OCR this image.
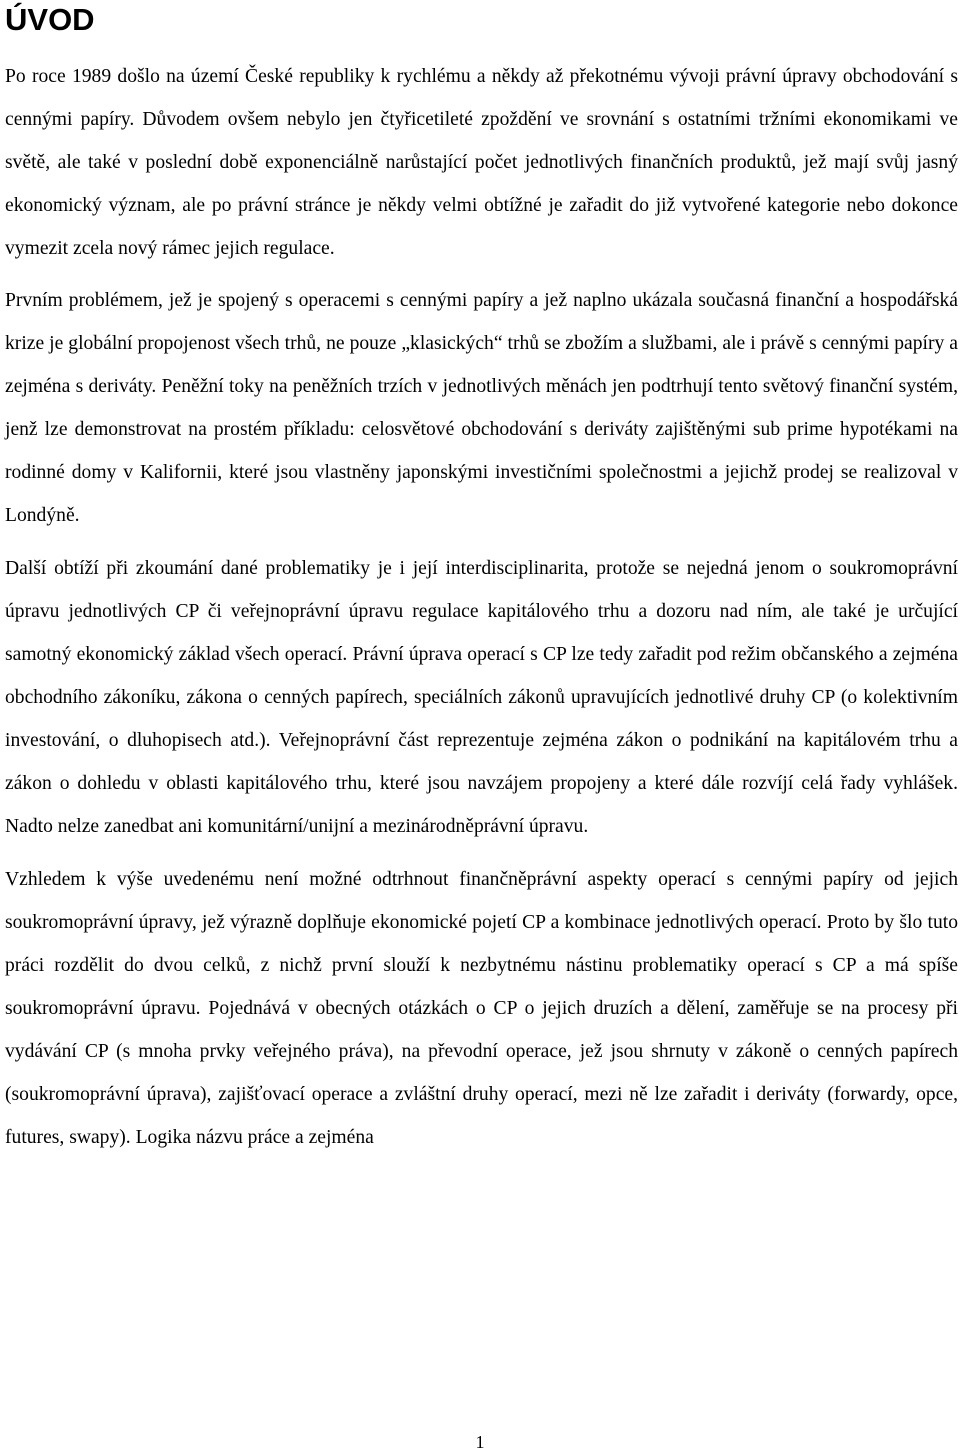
ÚVOD

Po roce 1989 došlo na území České republiky k rychlému a někdy až překotnému vývoji právní úpravy obchodování s cennými papíry. Důvodem ovšem nebylo jen čtyřicetileté zpoždění ve srovnání s ostatními tržními ekonomikami ve světě, ale také v poslední době exponenciálně narůstající počet jednotlivých finančních produktů, jež mají svůj jasný ekonomický význam, ale po právní stránce je někdy velmi obtížné je zařadit do již vytvořené kategorie nebo dokonce vymezit zcela nový rámec jejich regulace.

Prvním problémem, jež je spojený s operacemi s cennými papíry a jež naplno ukázala současná finanční a hospodářská krize je globální propojenost všech trhů, ne pouze „klasických“ trhů se zbožím a službami, ale i právě s cennými papíry a zejména s deriváty. Peněžní toky na peněžních trzích v jednotlivých měnách jen podtrhují tento světový finanční systém, jenž lze demonstrovat na prostém příkladu: celosvětové obchodování s deriváty zajištěnými sub prime hypotékami na rodinné domy v Kalifornii, které jsou vlastněny japonskými investičními společnostmi a jejichž prodej se realizoval v Londýně.

Další obtíží při zkoumání dané problematiky je i její interdisciplinarita, protože se nejedná jenom o soukromoprávní úpravu jednotlivých CP či veřejnoprávní úpravu regulace kapitálového trhu a dozoru nad ním, ale také je určující samotný ekonomický základ všech operací. Právní úprava operací s CP lze tedy zařadit pod režim občanského a zejména obchodního zákoníku, zákona o cenných papírech, speciálních zákonů upravujících jednotlivé druhy CP (o kolektivním investování, o dluhopisech atd.). Veřejnoprávní část reprezentuje zejména zákon o podnikání na kapitálovém trhu a zákon o dohledu v oblasti kapitálového trhu, které jsou navzájem propojeny a které dále rozvíjí celá řady vyhlášek. Nadto nelze zanedbat ani komunitární/unijní a mezinárodněprávní úpravu.

Vzhledem k výše uvedenému není možné odtrhnout finančněprávní aspekty operací s cennými papíry od jejich soukromoprávní úpravy, jež výrazně doplňuje ekonomické pojetí CP a kombinace jednotlivých operací. Proto by šlo tuto práci rozdělit do dvou celků, z nichž první slouží k nezbytnému nástinu problematiky operací s CP a má spíše soukromoprávní úpravu. Pojednává v obecných otázkách o CP o jejich druzích a dělení, zaměřuje se na procesy při vydávání CP (s mnoha prvky veřejného práva), na převodní operace, jež jsou shrnuty v zákoně o cenných papírech (soukromoprávní úprava), zajišťovací operace a zvláštní druhy operací, mezi ně lze zařadit i deriváty (forwardy, opce, futures, swapy). Logika názvu práce a zejména

1
